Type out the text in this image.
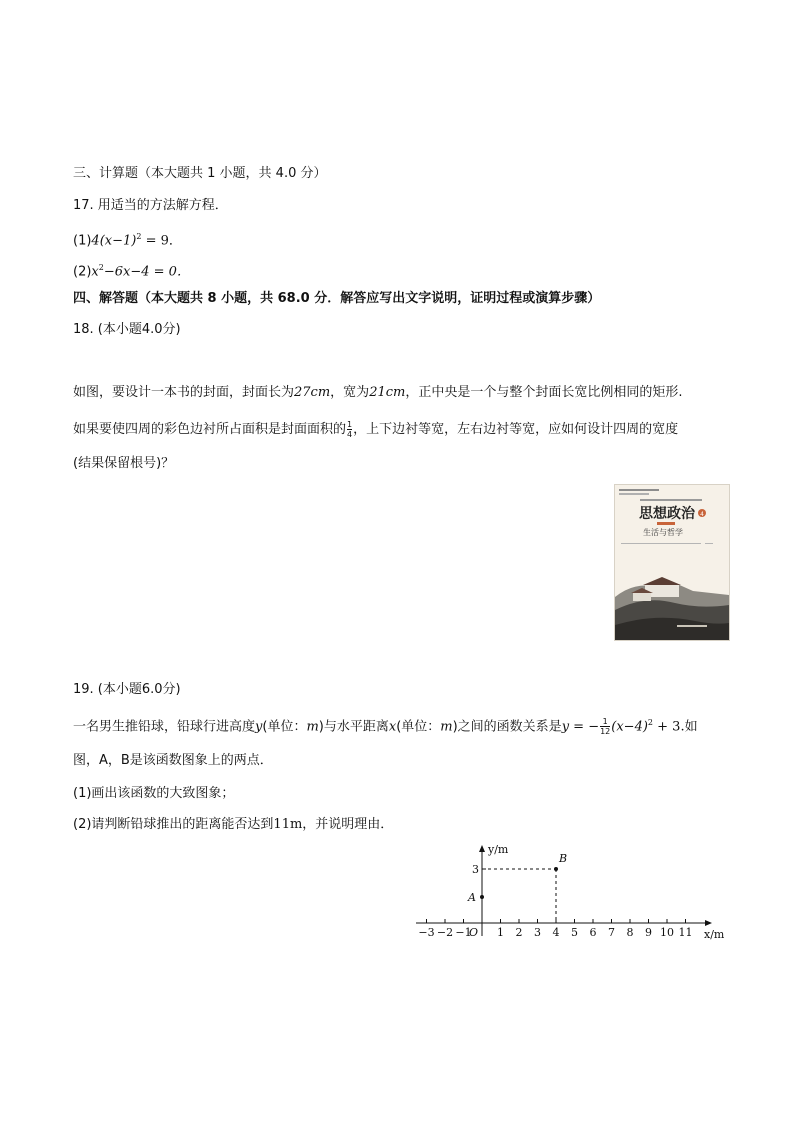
三、计算题（本大题共 1 小题，共 4.0 分）
17. 用适当的方法解方程．
$(1)4(x-1)^2 = 9$．
$(2)x^2-6x-4 = 0$．
四、解答题（本大题共 8 小题，共 68.0 分．解答应写出文字说明，证明过程或演算步骤）
18. (本小题4.0分)
如图，要设计一本书的封面，封面长为27cm，宽为21cm，正中央是一个与整个封面长宽比例相同的矩形.
如果要使四周的彩色边衬所占面积是封面面积的 $\frac{1}{4}$ ，上下边衬等宽，左右边衬等宽，应如何设计四周的宽度
(结果保留根号)？
思想政治 4
生活与哲学
19. (本小题6.0分)
一名男生推铅球，铅球行进高度y(单位：m)与水平距离x(单位：m)之间的函数关系是y = − $\frac{1}{12} (x-4)^2 + 3$.如
图，A，B是该函数图象上的两点．
(1)画出该函数的大致图象；
(2)请判断铅球推出的距离能否达到11m，并说明理由．
y/m
x/m
O
3
A
B
−3 −2 −1 1 2 3 4 5 6 7 8 9 10 11
